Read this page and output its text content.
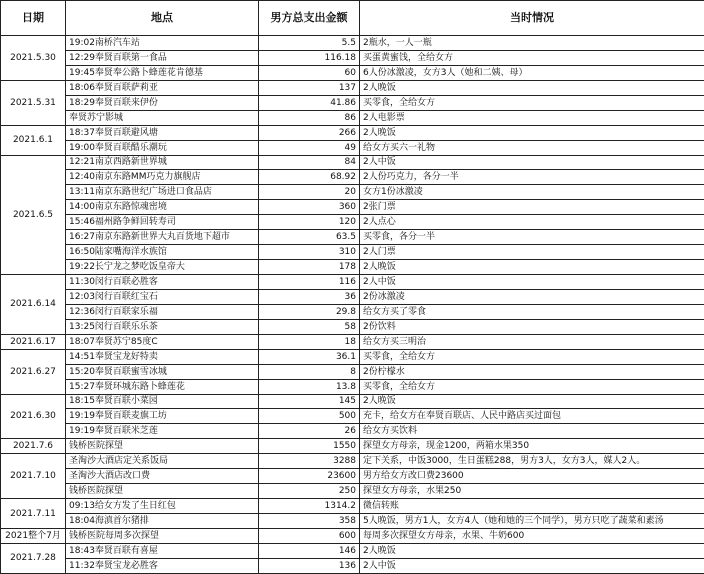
日期	地点	男方总支出金额	当时情况
2021.5.30	19:02南桥汽车站	5.5	2瓶水，一人一瓶
	12:29奉贤百联第一食品	116.18	买蛋黄蜜饯，全给女方
	19:45奉贤奉公路卜蜂莲花肯德基	60	6人份冰激凌，女方3人（她和二姨、母）
2021.5.31	18:06奉贤百联萨莉亚	137	2人晚饭
	18:29奉贤百联来伊份	41.86	买零食，全给女方
	奉贤苏宁影城	86	2人电影票
2021.6.1	18:37奉贤百联避风塘	266	2人晚饭
	19:00奉贤百联酷乐潮玩	49	给女方买六一礼物
2021.6.5	12:21南京西路新世界城	84	2人中饭
	12:40南京东路MM巧克力旗舰店	68.92	2人份巧克力，各分一半
	13:11南京东路世纪广场进口食品店	20	女方1份冰激凌
	14:00南京东路惊魂密境	360	2张门票
	15:46福州路争鲜回转寿司	120	2人点心
	16:27南京东路新世界大丸百货地下超市	63.5	买零食，各分一半
	16:50陆家嘴海洋水族馆	310	2人门票
	19:22长宁龙之梦吃饭皇帝大	178	2人晚饭
2021.6.14	11:30闵行百联必胜客	116	2人中饭
	12:03闵行百联红宝石	36	2份冰激凌
	12:36闵行百联家乐福	29.8	给女方买了零食
	13:25闵行百联乐乐茶	58	2份饮料
2021.6.17	18:07奉贤苏宁85度C	18	给女方买三明治
2021.6.27	14:51奉贤宝龙好特卖	36.1	买零食，全给女方
	15:20奉贤百联蜜雪冰城	8	2份柠檬水
	15:27奉贤环城东路卜蜂莲花	13.8	买零食，全给女方
2021.6.30	18:15奉贤百联小菜园	145	2人晚饭
	19:19奉贤百联麦旗工坊	500	充卡，给女方在奉贤百联店、人民中路店买过面包
	19:19奉贤百联米芝莲	26	给女方买饮料
2021.7.6	钱桥医院探望	1550	探望女方母亲，现金1200，两箱水果350
2021.7.10	圣淘沙大酒店定关系饭局	3288	定下关系，中饭3000，生日蛋糕288，男方3人，女方3人，媒人2人。
	圣淘沙大酒店改口费	23600	男方给女方改口费23600
	钱桥医院探望	250	探望女方母亲，水果250
2021.7.11	09:13给女方发了生日红包	1314.2	微信转账
	18:04海滇首尔猪排	358	5人晚饭，男方1人，女方4人（她和她的三个同学），男方只吃了蔬菜和素汤
2021整个7月	钱桥医院每周多次探望	600	每周多次探望女方母亲，水果、牛奶600
2021.7.28	18:43奉贤百联有喜屋	146	2人晚饭
	11:32奉贤宝龙必胜客	136	2人中饭
